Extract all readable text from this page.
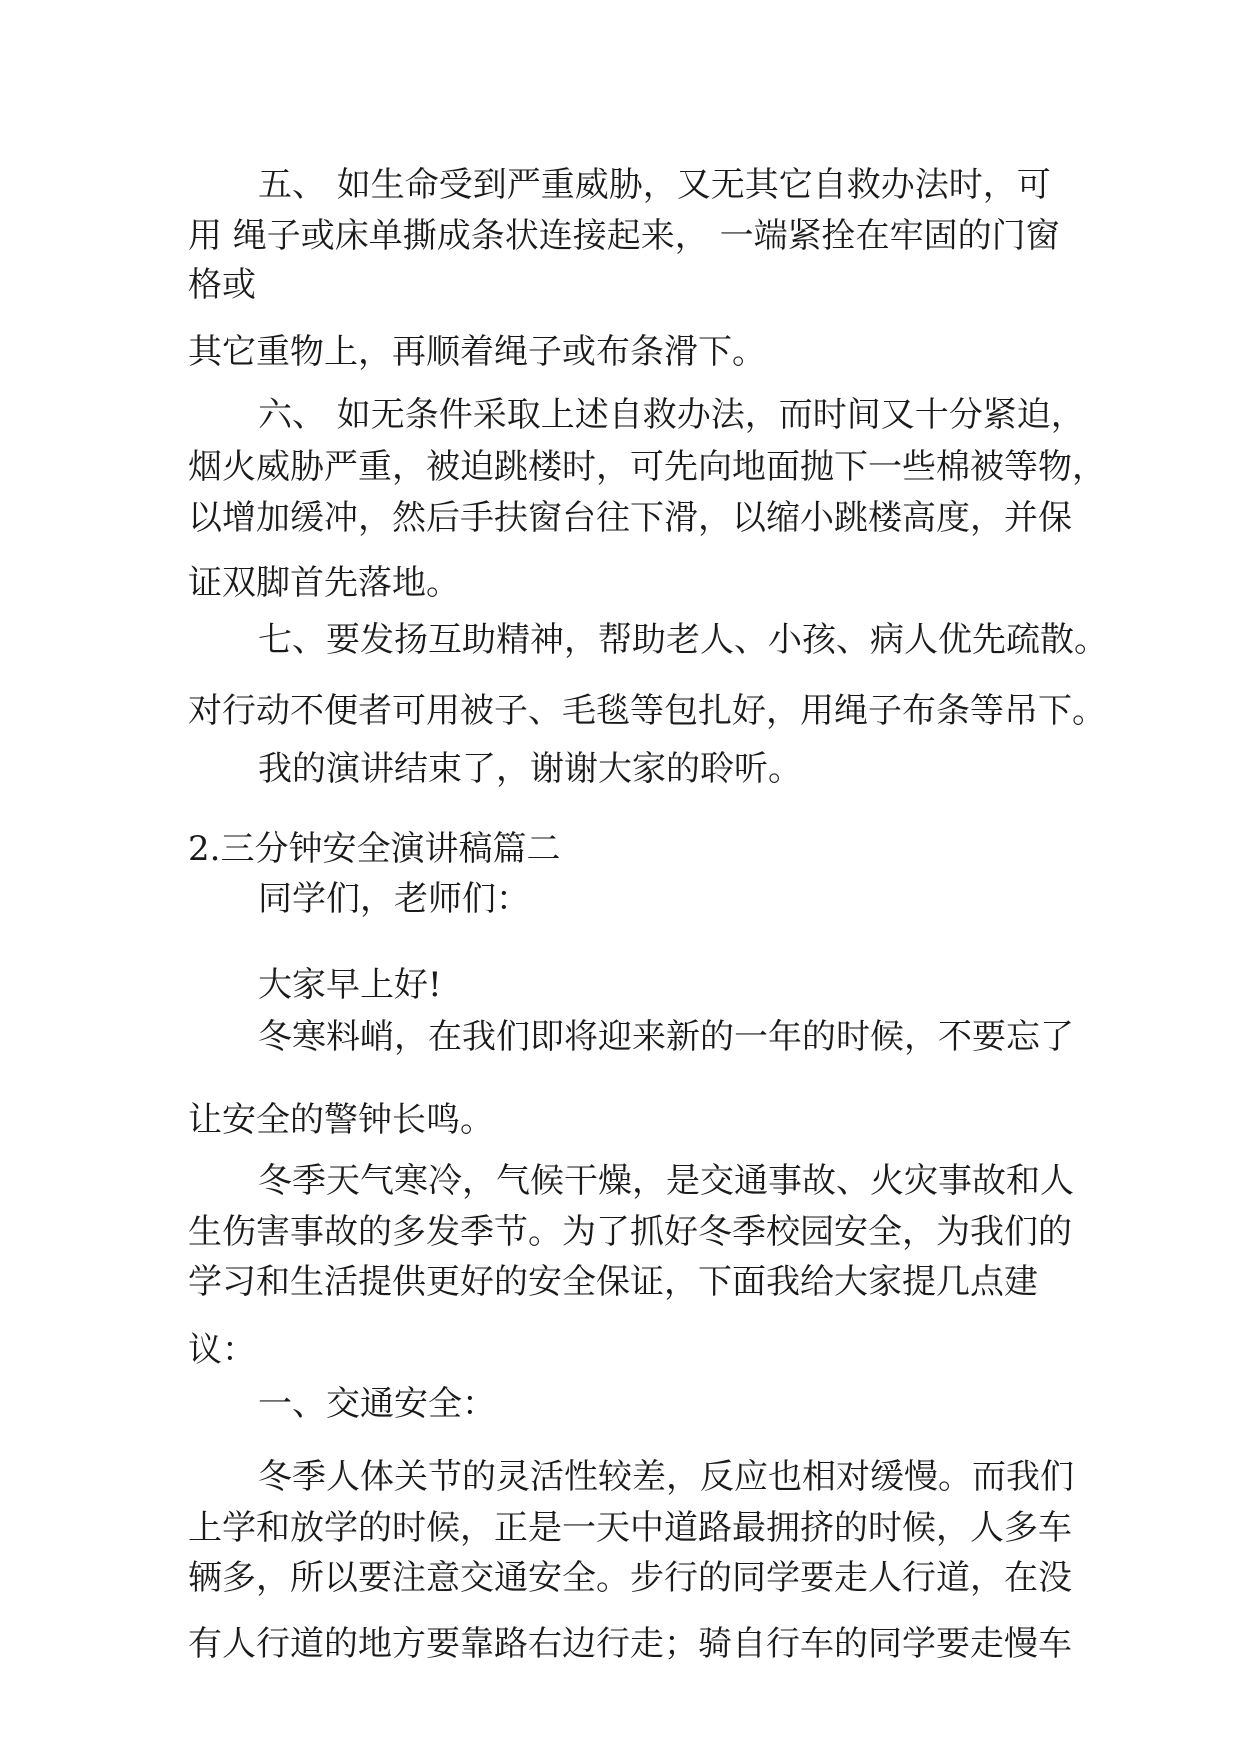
五、 如生命受到严重威胁，又无其它自救办法时，可

用 绳子或床单撕成条状连接起来， 一端紧拴在牢固的门窗

格或

其它重物上，再顺着绳子或布条滑下。

六、 如无条件采取上述自救办法，而时间又十分紧迫，

烟火威胁严重，被迫跳楼时，可先向地面抛下一些棉被等物，

以增加缓冲，然后手扶窗台往下滑，以缩小跳楼高度，并保

证双脚首先落地。

七、要发扬互助精神，帮助老人、小孩、病人优先疏散。

对行动不便者可用被子、毛毯等包扎好，用绳子布条等吊下。

我的演讲结束了，谢谢大家的聆听。

2.三分钟安全演讲稿篇二

同学们，老师们：

大家早上好!

冬寒料峭，在我们即将迎来新的一年的时候，不要忘了

让安全的警钟长鸣。

冬季天气寒冷，气候干燥，是交通事故、火灾事故和人

生伤害事故的多发季节。为了抓好冬季校园安全，为我们的

学习和生活提供更好的安全保证，下面我给大家提几点建

议：

一、交通安全：

冬季人体关节的灵活性较差，反应也相对缓慢。而我们

上学和放学的时候，正是一天中道路最拥挤的时候，人多车

辆多，所以要注意交通安全。步行的同学要走人行道，在没

有人行道的地方要靠路右边行走；骑自行车的同学要走慢车
